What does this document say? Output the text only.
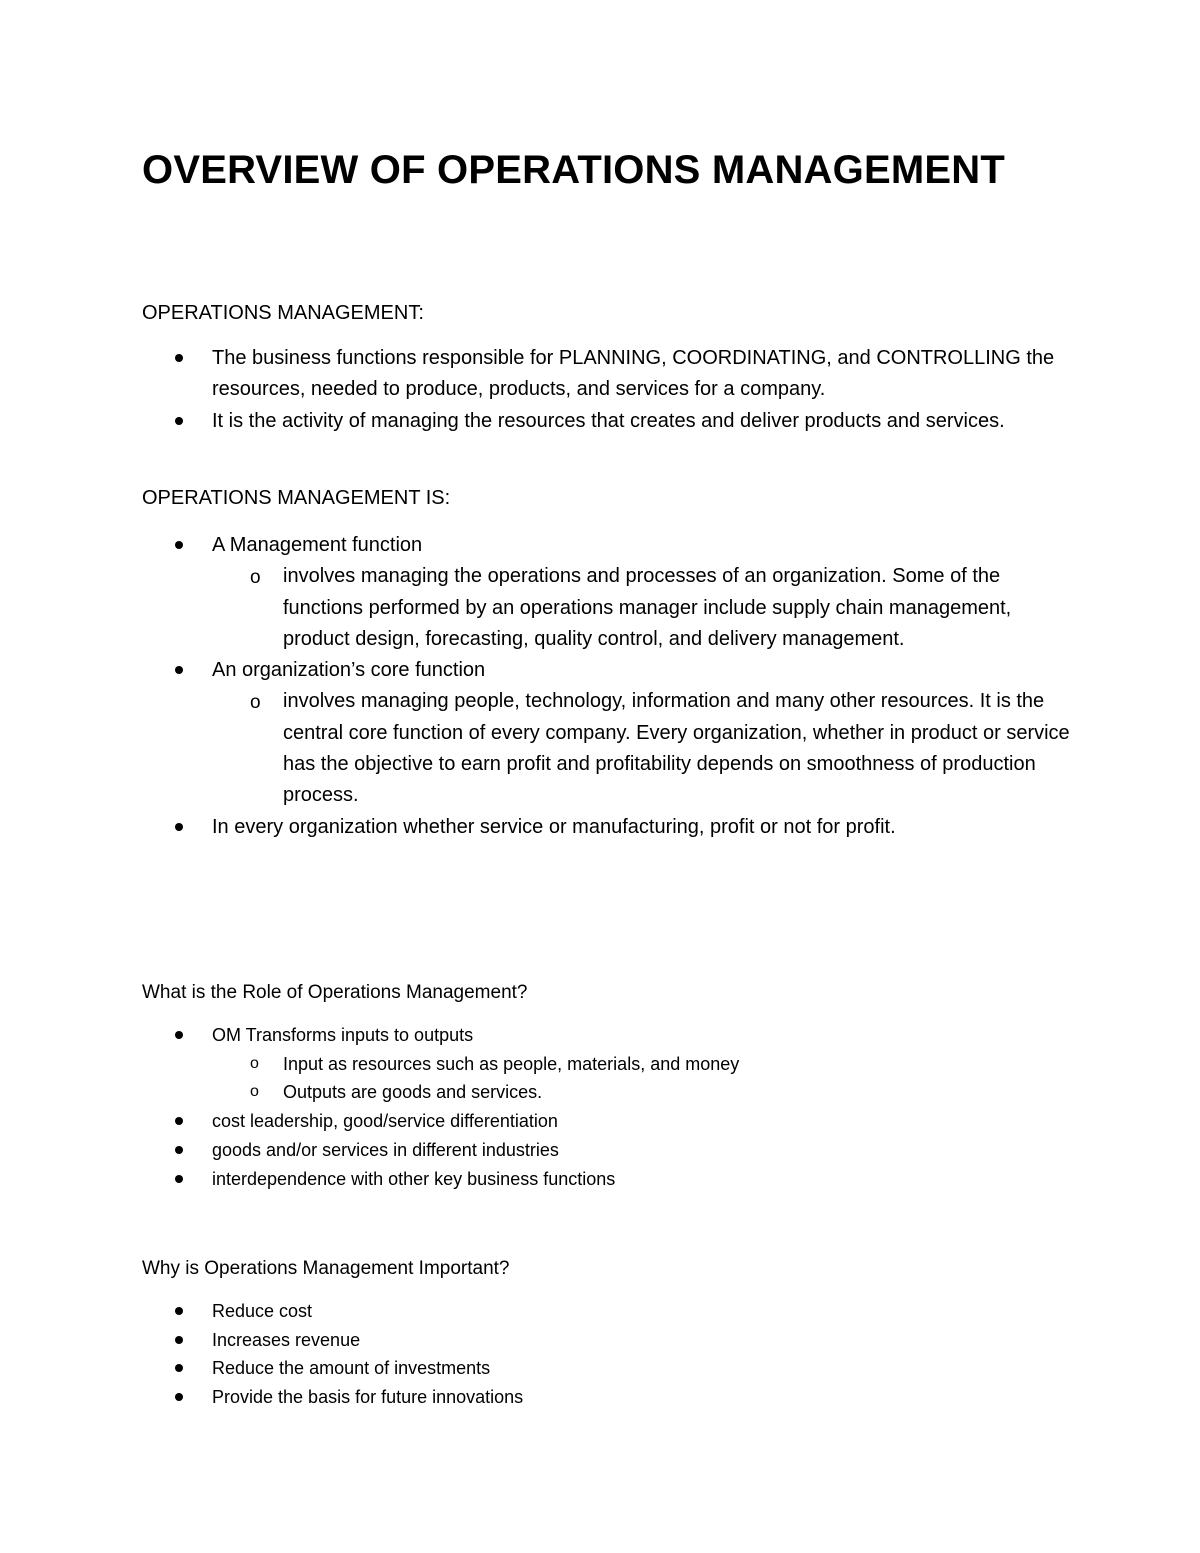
OVERVIEW OF OPERATIONS MANAGEMENT

OPERATIONS MANAGEMENT:

The business functions responsible for PLANNING, COORDINATING, and CONTROLLING the resources, needed to produce, products, and services for a company.
It is the activity of managing the resources that creates and deliver products and services.

OPERATIONS MANAGEMENT IS:

A Management function
o involves managing the operations and processes of an organization. Some of the functions performed by an operations manager include supply chain management, product design, forecasting, quality control, and delivery management.
An organization’s core function
o involves managing people, technology, information and many other resources. It is the central core function of every company. Every organization, whether in product or service has the objective to earn profit and profitability depends on smoothness of production process.
In every organization whether service or manufacturing, profit or not for profit.

What is the Role of Operations Management?

OM Transforms inputs to outputs
o Input as resources such as people, materials, and money
o Outputs are goods and services.
cost leadership, good/service differentiation
goods and/or services in different industries
interdependence with other key business functions

Why is Operations Management Important?

Reduce cost
Increases revenue
Reduce the amount of investments
Provide the basis for future innovations
